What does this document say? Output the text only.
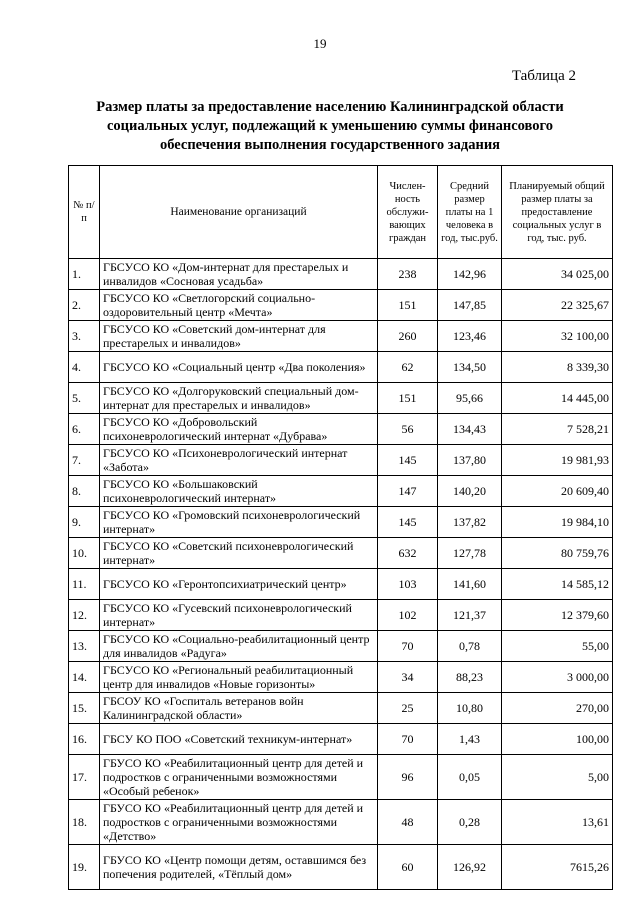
19
Таблица 2
Размер платы за предоставление населению Калининградской области социальных услуг, подлежащий к уменьшению суммы финансового обеспечения выполнения государственного задания
№ п/п	Наименование организаций	Числен-ность обслужи-вающих граждан	Средний размер платы на 1 человека в год, тыс.руб.	Планируемый общий размер платы за предоставление социальных услуг в год, тыс. руб.
1.	ГБСУСО КО «Дом-интернат для престарелых и инвалидов «Сосновая усадьба»	238	142,96	34 025,00
2.	ГБСУСО КО «Светлогорский социально-оздоровительный центр «Мечта»	151	147,85	22 325,67
3.	ГБСУСО КО «Советский дом-интернат для престарелых и инвалидов»	260	123,46	32 100,00
4.	ГБСУСО КО «Социальный центр «Два поколения»	62	134,50	8 339,30
5.	ГБСУСО КО «Долгоруковский специальный дом-интернат для престарелых и инвалидов»	151	95,66	14 445,00
6.	ГБСУСО КО «Добровольский психоневрологический интернат «Дубрава»	56	134,43	7 528,21
7.	ГБСУСО КО «Психоневрологический интернат «Забота»	145	137,80	19 981,93
8.	ГБСУСО КО «Большаковский психоневрологический интернат»	147	140,20	20 609,40
9.	ГБСУСО КО «Громовский психоневрологический интернат»	145	137,82	19 984,10
10.	ГБСУСО КО «Советский психоневрологический интернат»	632	127,78	80 759,76
11.	ГБСУСО КО «Геронтопсихиатрический центр»	103	141,60	14 585,12
12.	ГБСУСО КО «Гусевский психоневрологический интернат»	102	121,37	12 379,60
13.	ГБСУСО КО «Социально-реабилитационный центр для инвалидов «Радуга»	70	0,78	55,00
14.	ГБСУСО КО «Региональный реабилитационный центр для инвалидов «Новые горизонты»	34	88,23	3 000,00
15.	ГБСОУ КО «Госпиталь ветеранов войн Калининградской области»	25	10,80	270,00
16.	ГБСУ КО ПОО «Советский техникум-интернат»	70	1,43	100,00
17.	ГБУСО КО «Реабилитационный центр для детей и подростков с ограниченными возможностями «Особый ребенок»	96	0,05	5,00
18.	ГБУСО КО «Реабилитационный центр для детей и подростков с ограниченными возможностями «Детство»	48	0,28	13,61
19.	ГБУСО КО «Центр помощи детям, оставшимся без попечения родителей, «Тёплый дом»	60	126,92	7615,26
